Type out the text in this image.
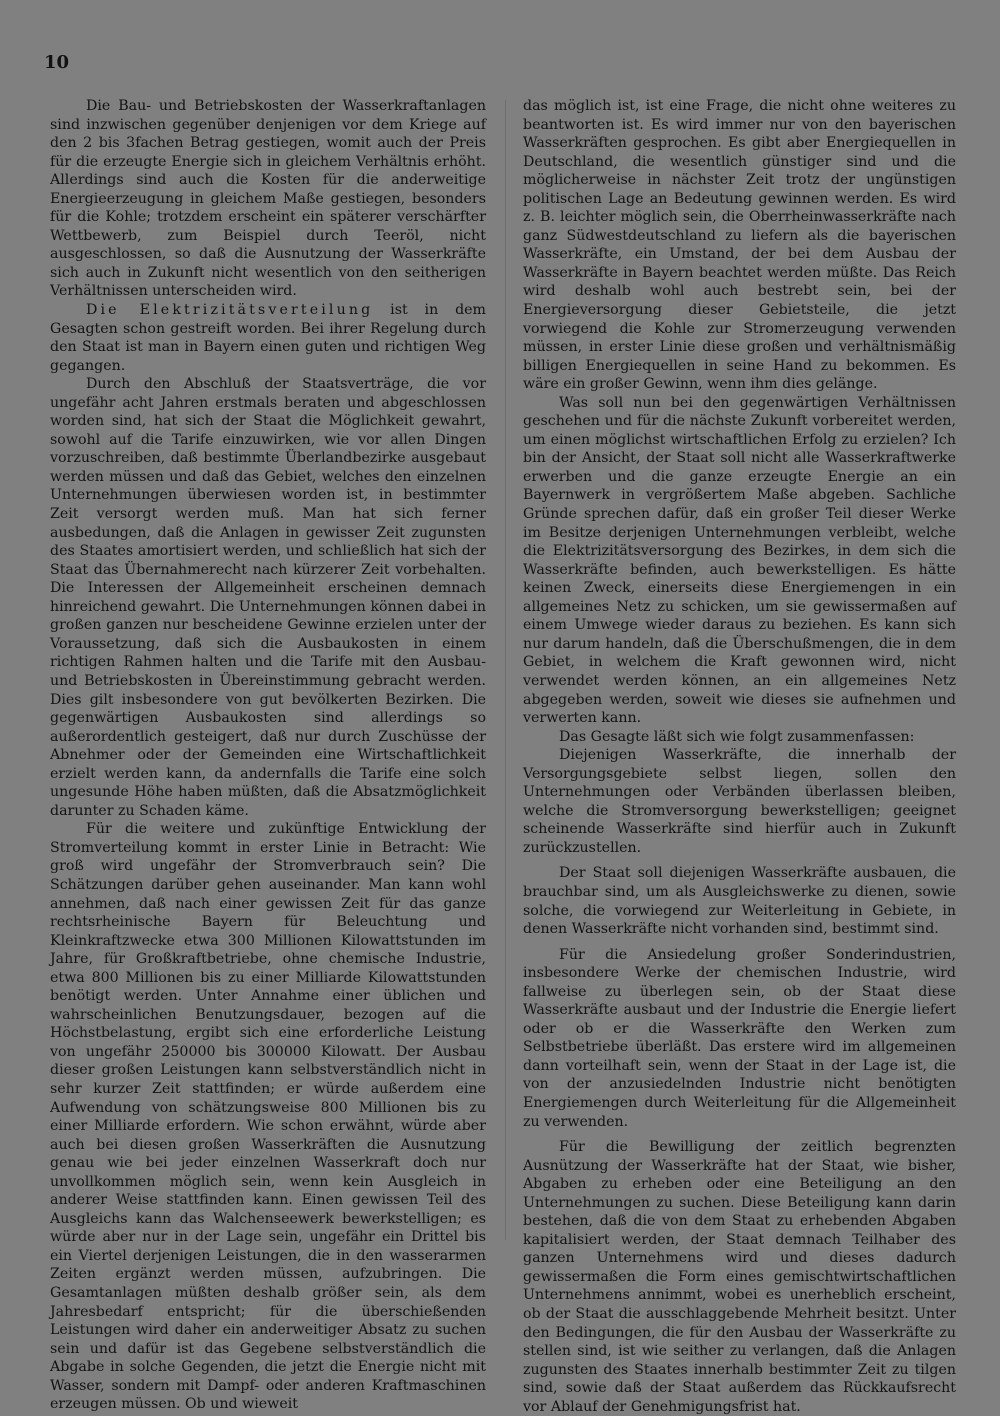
10

Die Bau- und Betriebskosten der Wasserkraftanlagen sind inzwischen gegenüber denjenigen vor dem Kriege auf den 2 bis 3fachen Betrag gestiegen, womit auch der Preis für die erzeugte Energie sich in gleichem Verhältnis erhöht. Allerdings sind auch die Kosten für die anderweitige Energieerzeugung in gleichem Maße gestiegen, besonders für die Kohle; trotzdem erscheint ein späterer verschärfter Wettbewerb, zum Beispiel durch Teeröl, nicht ausgeschlossen, so daß die Ausnutzung der Wasserkräfte sich auch in Zukunft nicht wesentlich von den seitherigen Verhältnissen unterscheiden wird.

Die Elektrizitätsverteilung ist in dem Gesagten schon gestreift worden. Bei ihrer Regelung durch den Staat ist man in Bayern einen guten und richtigen Weg gegangen.

Durch den Abschluß der Staatsverträge, die vor ungefähr acht Jahren erstmals beraten und abgeschlossen worden sind, hat sich der Staat die Möglichkeit gewahrt, sowohl auf die Tarife einzuwirken, wie vor allen Dingen vorzuschreiben, daß bestimmte Überlandbezirke ausgebaut werden müssen und daß das Gebiet, welches den einzelnen Unternehmungen überwiesen worden ist, in bestimmter Zeit versorgt werden muß. Man hat sich ferner ausbedungen, daß die Anlagen in gewisser Zeit zugunsten des Staates amortisiert werden, und schließlich hat sich der Staat das Übernahmerecht nach kürzerer Zeit vorbehalten. Die Interessen der Allgemeinheit erscheinen demnach hinreichend gewahrt. Die Unternehmungen können dabei in großen ganzen nur bescheidene Gewinne erzielen unter der Voraussetzung, daß sich die Ausbaukosten in einem richtigen Rahmen halten und die Tarife mit den Ausbau- und Betriebskosten in Übereinstimmung gebracht werden. Dies gilt insbesondere von gut bevölkerten Bezirken. Die gegenwärtigen Ausbaukosten sind allerdings so außerordentlich gesteigert, daß nur durch Zuschüsse der Abnehmer oder der Gemeinden eine Wirtschaftlichkeit erzielt werden kann, da andernfalls die Tarife eine solch ungesunde Höhe haben müßten, daß die Absatzmöglichkeit darunter zu Schaden käme.

Für die weitere und zukünftige Entwicklung der Stromverteilung kommt in erster Linie in Betracht: Wie groß wird ungefähr der Stromverbrauch sein? Die Schätzungen darüber gehen auseinander. Man kann wohl annehmen, daß nach einer gewissen Zeit für das ganze rechtsrheinische Bayern für Beleuchtung und Kleinkraftzwecke etwa 300 Millionen Kilowattstunden im Jahre, für Großkraftbetriebe, ohne chemische Industrie, etwa 800 Millionen bis zu einer Milliarde Kilowattstunden benötigt werden. Unter Annahme einer üblichen und wahrscheinlichen Benutzungsdauer, bezogen auf die Höchstbelastung, ergibt sich eine erforderliche Leistung von ungefähr 250000 bis 300000 Kilowatt. Der Ausbau dieser großen Leistungen kann selbstverständlich nicht in sehr kurzer Zeit stattfinden; er würde außerdem eine Aufwendung von schätzungsweise 800 Millionen bis zu einer Milliarde erfordern. Wie schon erwähnt, würde aber auch bei diesen großen Wasserkräften die Ausnutzung genau wie bei jeder einzelnen Wasserkraft doch nur unvollkommen möglich sein, wenn kein Ausgleich in anderer Weise stattfinden kann. Einen gewissen Teil des Ausgleichs kann das Walchenseewerk bewerkstelligen; es würde aber nur in der Lage sein, ungefähr ein Drittel bis ein Viertel derjenigen Leistungen, die in den wasserarmen Zeiten ergänzt werden müssen, aufzubringen. Die Gesamtanlagen müßten deshalb größer sein, als dem Jahresbedarf entspricht; für die überschießenden Leistungen wird daher ein anderweitiger Absatz zu suchen sein und dafür ist das Gegebene selbstverständlich die Abgabe in solche Gegenden, die jetzt die Energie nicht mit Wasser, sondern mit Dampf- oder anderen Kraftmaschinen erzeugen müssen. Ob und wieweit

das möglich ist, ist eine Frage, die nicht ohne weiteres zu beantworten ist. Es wird immer nur von den bayerischen Wasserkräften gesprochen. Es gibt aber Energiequellen in Deutschland, die wesentlich günstiger sind und die möglicherweise in nächster Zeit trotz der ungünstigen politischen Lage an Bedeutung gewinnen werden. Es wird z. B. leichter möglich sein, die Oberrheinwasserkräfte nach ganz Südwestdeutschland zu liefern als die bayerischen Wasserkräfte, ein Umstand, der bei dem Ausbau der Wasserkräfte in Bayern beachtet werden müßte. Das Reich wird deshalb wohl auch bestrebt sein, bei der Energieversorgung dieser Gebietsteile, die jetzt vorwiegend die Kohle zur Stromerzeugung verwenden müssen, in erster Linie diese großen und verhältnismäßig billigen Energiequellen in seine Hand zu bekommen. Es wäre ein großer Gewinn, wenn ihm dies gelänge.

Was soll nun bei den gegenwärtigen Verhältnissen geschehen und für die nächste Zukunft vorbereitet werden, um einen möglichst wirtschaftlichen Erfolg zu erzielen? Ich bin der Ansicht, der Staat soll nicht alle Wasserkraftwerke erwerben und die ganze erzeugte Energie an ein Bayernwerk in vergrößertem Maße abgeben. Sachliche Gründe sprechen dafür, daß ein großer Teil dieser Werke im Besitze derjenigen Unternehmungen verbleibt, welche die Elektrizitätsversorgung des Bezirkes, in dem sich die Wasserkräfte befinden, auch bewerkstelligen. Es hätte keinen Zweck, einerseits diese Energiemengen in ein allgemeines Netz zu schicken, um sie gewissermaßen auf einem Umwege wieder daraus zu beziehen. Es kann sich nur darum handeln, daß die Überschußmengen, die in dem Gebiet, in welchem die Kraft gewonnen wird, nicht verwendet werden können, an ein allgemeines Netz abgegeben werden, soweit wie dieses sie aufnehmen und verwerten kann.

Das Gesagte läßt sich wie folgt zusammenfassen:

Diejenigen Wasserkräfte, die innerhalb der Versorgungsgebiete selbst liegen, sollen den Unternehmungen oder Verbänden überlassen bleiben, welche die Stromversorgung bewerkstelligen; geeignet scheinende Wasserkräfte sind hierfür auch in Zukunft zurückzustellen.

Der Staat soll diejenigen Wasserkräfte ausbauen, die brauchbar sind, um als Ausgleichswerke zu dienen, sowie solche, die vorwiegend zur Weiterleitung in Gebiete, in denen Wasserkräfte nicht vorhanden sind, bestimmt sind.

Für die Ansiedelung großer Sonderindustrien, insbesondere Werke der chemischen Industrie, wird fallweise zu überlegen sein, ob der Staat diese Wasserkräfte ausbaut und der Industrie die Energie liefert oder ob er die Wasserkräfte den Werken zum Selbstbetriebe überläßt. Das erstere wird im allgemeinen dann vorteilhaft sein, wenn der Staat in der Lage ist, die von der anzusiedelnden Industrie nicht benötigten Energiemengen durch Weiterleitung für die Allgemeinheit zu verwenden.

Für die Bewilligung der zeitlich begrenzten Ausnützung der Wasserkräfte hat der Staat, wie bisher, Abgaben zu erheben oder eine Beteiligung an den Unternehmungen zu suchen. Diese Beteiligung kann darin bestehen, daß die von dem Staat zu erhebenden Abgaben kapitalisiert werden, der Staat demnach Teilhaber des ganzen Unternehmens wird und dieses dadurch gewissermaßen die Form eines gemischtwirtschaftlichen Unternehmens annimmt, wobei es unerheblich erscheint, ob der Staat die ausschlaggebende Mehrheit besitzt. Unter den Bedingungen, die für den Ausbau der Wasserkräfte zu stellen sind, ist wie seither zu verlangen, daß die Anlagen zugunsten des Staates innerhalb bestimmter Zeit zu tilgen sind, sowie daß der Staat außerdem das Rückkaufsrecht vor Ablauf der Genehmigungsfrist hat.
